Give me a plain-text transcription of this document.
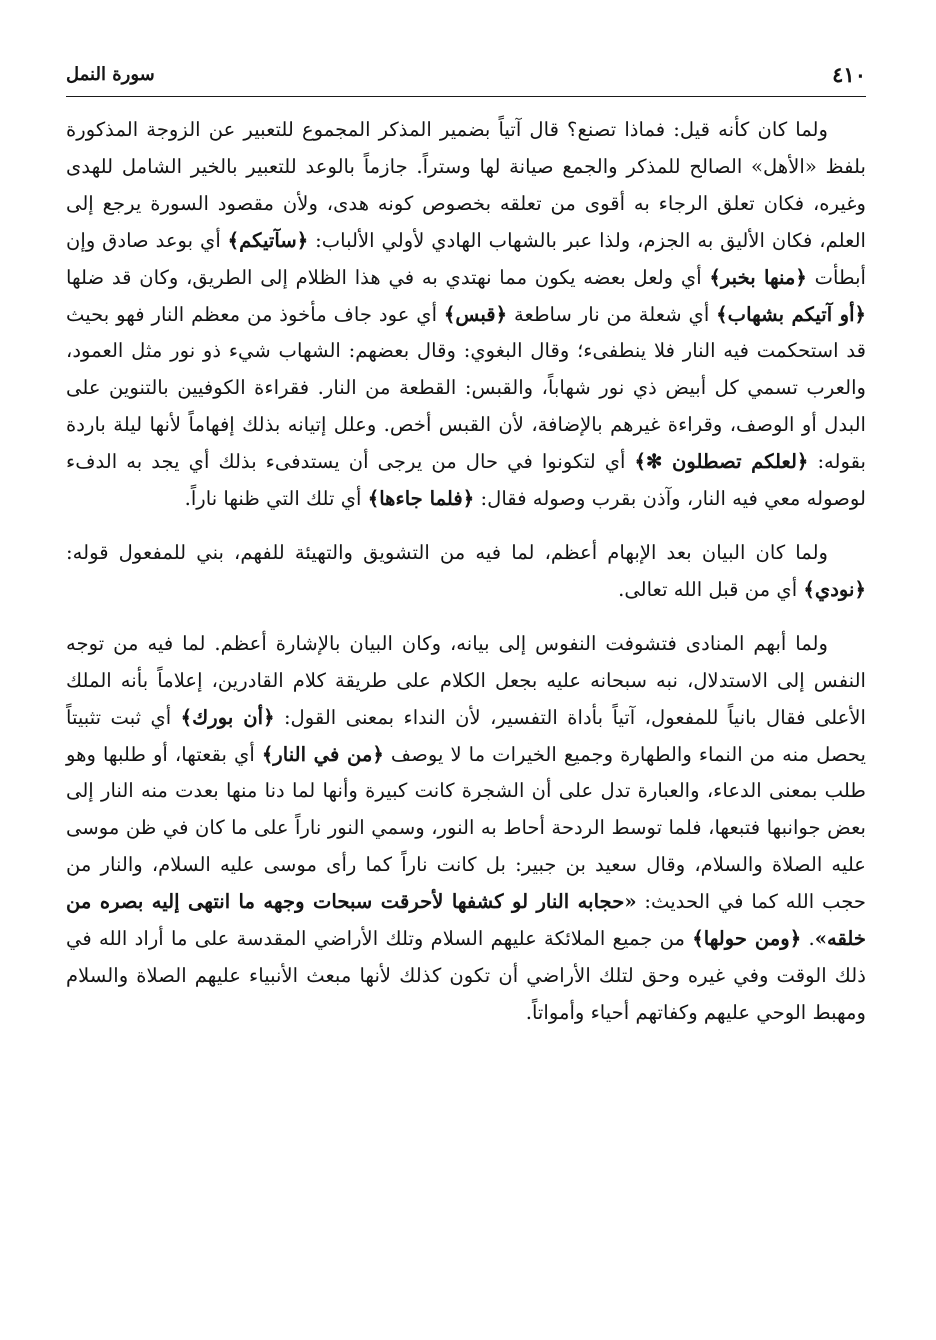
٤١٠
سورة النمل

ولما كان كأنه قيل: فماذا تصنع؟ قال آتياً بضمير المذكر المجموع للتعبير عن الزوجة المذكورة بلفظ «الأهل» الصالح للمذكر والجمع صيانة لها وستراً. جازماً بالوعد للتعبير بالخير الشامل للهدى وغيره، فكان تعلق الرجاء به أقوى من تعلقه بخصوص كونه هدى، ولأن مقصود السورة يرجع إلى العلم، فكان الأليق به الجزم، ولذا عبر بالشهاب الهادي لأولي الألباب: ﴿سآتيكم﴾ أي بوعد صادق وإن أبطأت ﴿منها بخبر﴾ أي ولعل بعضه يكون مما نهتدي به في هذا الظلام إلى الطريق، وكان قد ضلها ﴿أو آتيكم بشهاب﴾ أي شعلة من نار ساطعة ﴿قبس﴾ أي عود جاف مأخوذ من معظم النار فهو بحيث قد استحكمت فيه النار فلا ينطفىء؛ وقال البغوي: وقال بعضهم: الشهاب شيء ذو نور مثل العمود، والعرب تسمي كل أبيض ذي نور شهاباً، والقبس: القطعة من النار. فقراءة الكوفيين بالتنوين على البدل أو الوصف، وقراءة غيرهم بالإضافة، لأن القبس أخص. وعلل إتيانه بذلك إفهاماً لأنها ليلة باردة بقوله: ﴿لعلكم تصطلون ✻﴾ أي لتكونوا في حال من يرجى أن يستدفىء بذلك أي يجد به الدفء لوصوله معي فيه النار، وآذن بقرب وصوله فقال: ﴿فلما جاءها﴾ أي تلك التي ظنها ناراً.

ولما كان البيان بعد الإبهام أعظم، لما فيه من التشويق والتهيئة للفهم، بني للمفعول قوله: ﴿نودي﴾ أي من قبل الله تعالى.

ولما أبهم المنادى فتشوفت النفوس إلى بيانه، وكان البيان بالإشارة أعظم. لما فيه من توجه النفس إلى الاستدلال، نبه سبحانه عليه بجعل الكلام على طريقة كلام القادرين، إعلاماً بأنه الملك الأعلى فقال بانياً للمفعول، آتياً بأداة التفسير، لأن النداء بمعنى القول: ﴿أن بورك﴾ أي ثبت تثبيتاً يحصل منه من النماء والطهارة وجميع الخيرات ما لا يوصف ﴿من في النار﴾ أي بقعتها، أو طلبها وهو طلب بمعنى الدعاء، والعبارة تدل على أن الشجرة كانت كبيرة وأنها لما دنا منها بعدت منه النار إلى بعض جوانبها فتبعها، فلما توسط الردحة أحاط به النور، وسمي النور ناراً على ما كان في ظن موسى عليه الصلاة والسلام، وقال سعيد بن جبير: بل كانت ناراً كما رأى موسى عليه السلام، والنار من حجب الله كما في الحديث: «حجابه النار لو كشفها لأحرقت سبحات وجهه ما انتهى إليه بصره من خلقه». ﴿ومن حولها﴾ من جميع الملائكة عليهم السلام وتلك الأراضي المقدسة على ما أراد الله في ذلك الوقت وفي غيره وحق لتلك الأراضي أن تكون كذلك لأنها مبعث الأنبياء عليهم الصلاة والسلام ومهبط الوحي عليهم وكفاتهم أحياء وأمواتاً.
